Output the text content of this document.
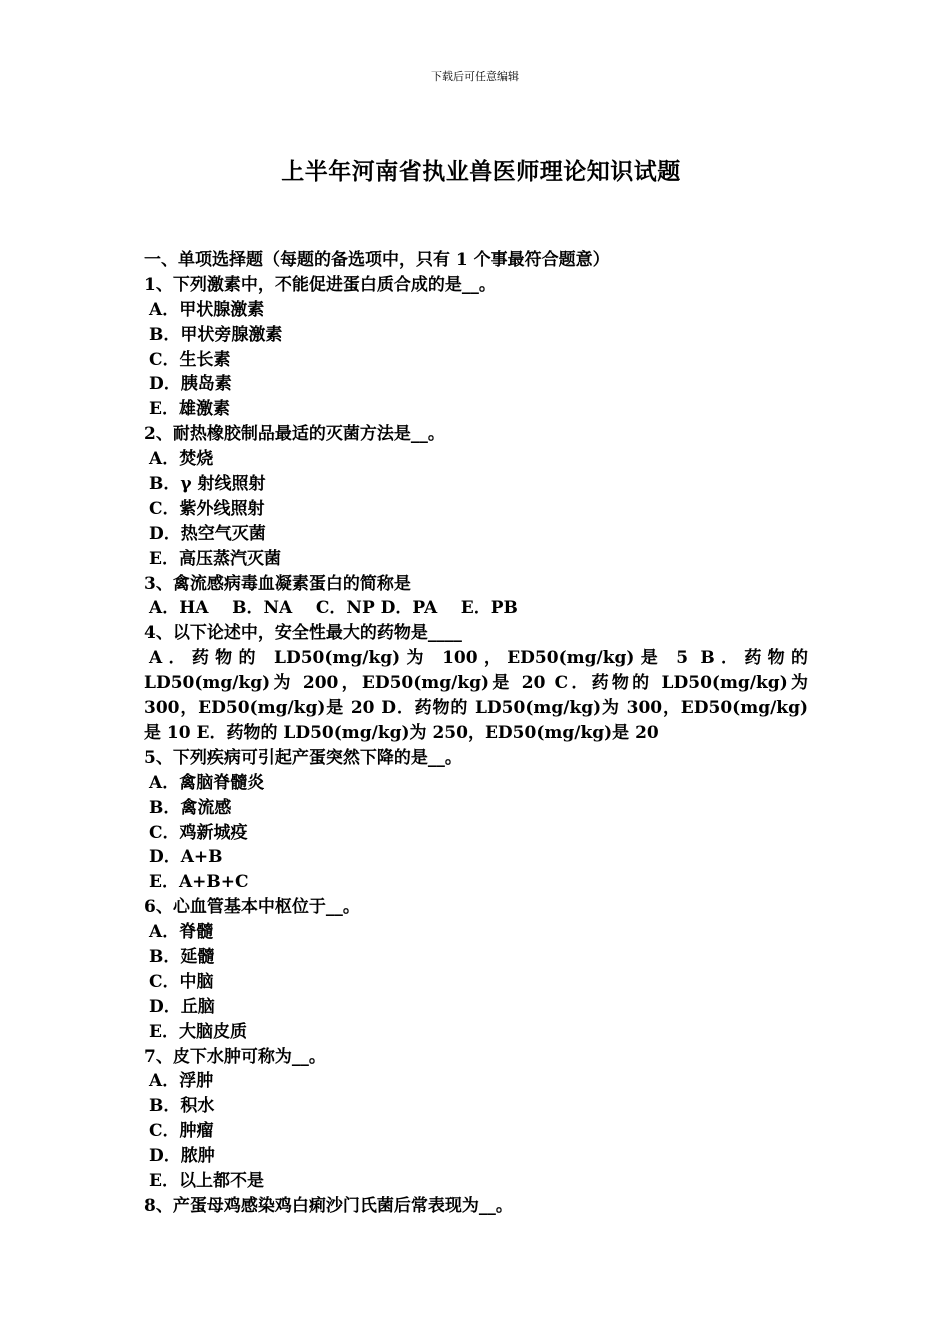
下载后可任意编辑
上半年河南省执业兽医师理论知识试题
一、单项选择题（每题的备选项中，只有 1 个事最符合题意）
1、下列激素中，不能促进蛋白质合成的是__。
A．甲状腺激素
B．甲状旁腺激素
C．生长素
D．胰岛素
E．雄激素
2、耐热橡胶制品最适的灭菌方法是__。
A．焚烧
B．γ 射线照射
C．紫外线照射
D．热空气灭菌
E．高压蒸汽灭菌
3、禽流感病毒血凝素蛋白的简称是
A．HA    B．NA    C．NP D．PA    E．PB
4、以下论述中，安全性最大的药物是____
A．药物的 LD50(mg/kg)为 100，ED50(mg/kg)是 5 B．药物的 LD50(mg/kg)为 200，ED50(mg/kg)是 20 C．药物的 LD50(mg/kg)为 300，ED50(mg/kg)是 20 D．药物的 LD50(mg/kg)为 300，ED50(mg/kg)是 10 E．药物的 LD50(mg/kg)为 250，ED50(mg/kg)是 20
5、下列疾病可引起产蛋突然下降的是__。
A．禽脑脊髓炎
B．禽流感
C．鸡新城疫
D．A+B
E．A+B+C
6、心血管基本中枢位于__。
A．脊髓
B．延髓
C．中脑
D．丘脑
E．大脑皮质
7、皮下水肿可称为__。
A．浮肿
B．积水
C．肿瘤
D．脓肿
E．以上都不是
8、产蛋母鸡感染鸡白痢沙门氏菌后常表现为__。
